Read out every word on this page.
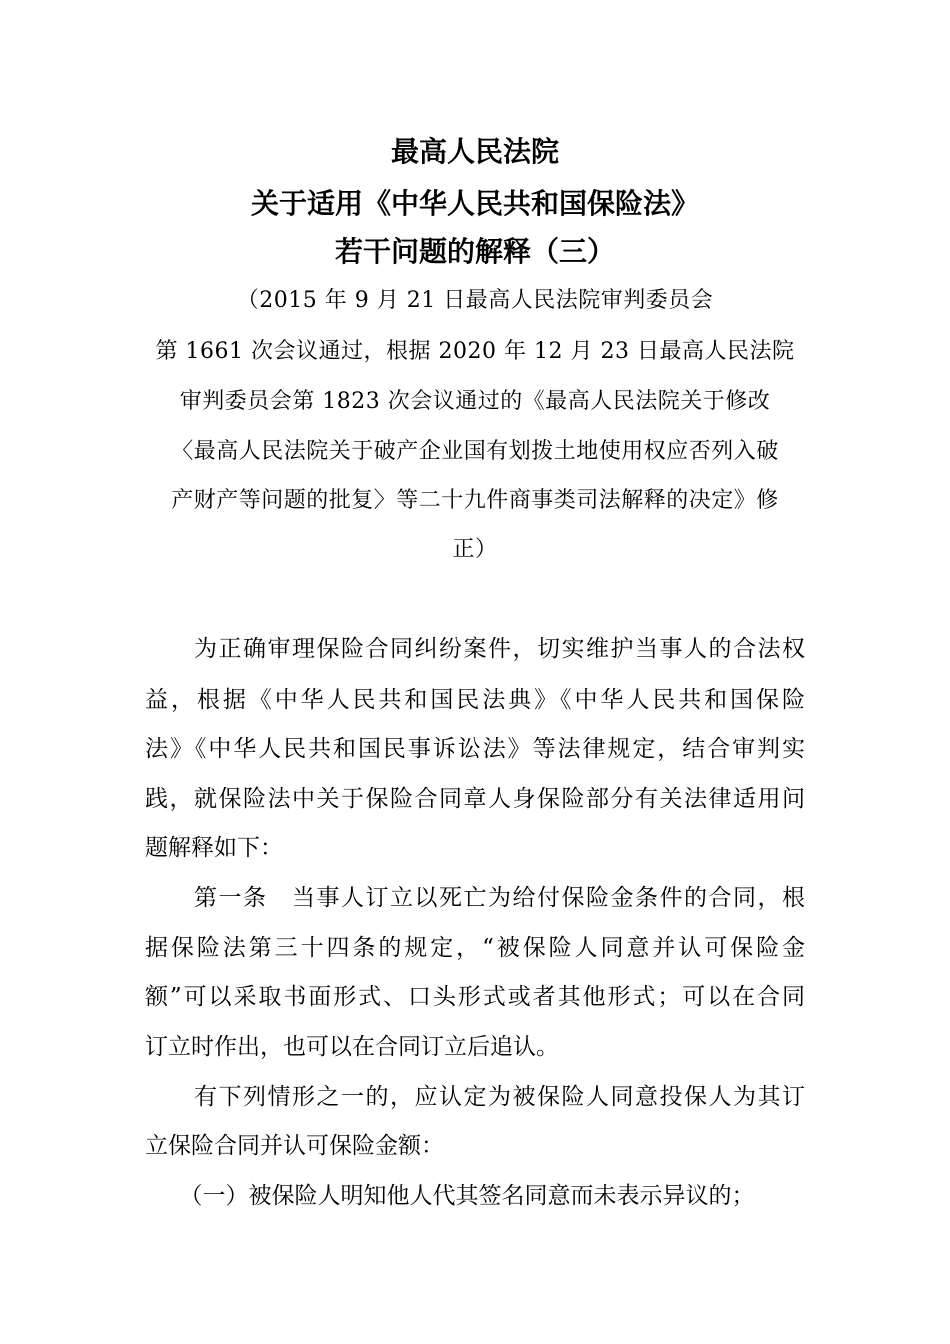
最高人民法院
关于适用《中华人民共和国保险法》
若干问题的解释（三）
（2015 年 9 月 21 日最高人民法院审判委员会
第 1661 次会议通过，根据 2020 年 12 月 23 日最高人民法院
审判委员会第 1823 次会议通过的《最高人民法院关于修改
〈最高人民法院关于破产企业国有划拨土地使用权应否列入破
产财产等问题的批复〉等二十九件商事类司法解释的决定》修
正）
　　为正确审理保险合同纠纷案件，切实维护当事人的合法权
益，根据《中华人民共和国民法典》《中华人民共和国保险
法》《中华人民共和国民事诉讼法》等法律规定，结合审判实
践，就保险法中关于保险合同章人身保险部分有关法律适用问
题解释如下：
　　第一条　当事人订立以死亡为给付保险金条件的合同，根
据保险法第三十四条的规定，“被保险人同意并认可保险金
额”可以采取书面形式、口头形式或者其他形式；可以在合同
订立时作出，也可以在合同订立后追认。
　　有下列情形之一的，应认定为被保险人同意投保人为其订
立保险合同并认可保险金额：
　　（一）被保险人明知他人代其签名同意而未表示异议的；
